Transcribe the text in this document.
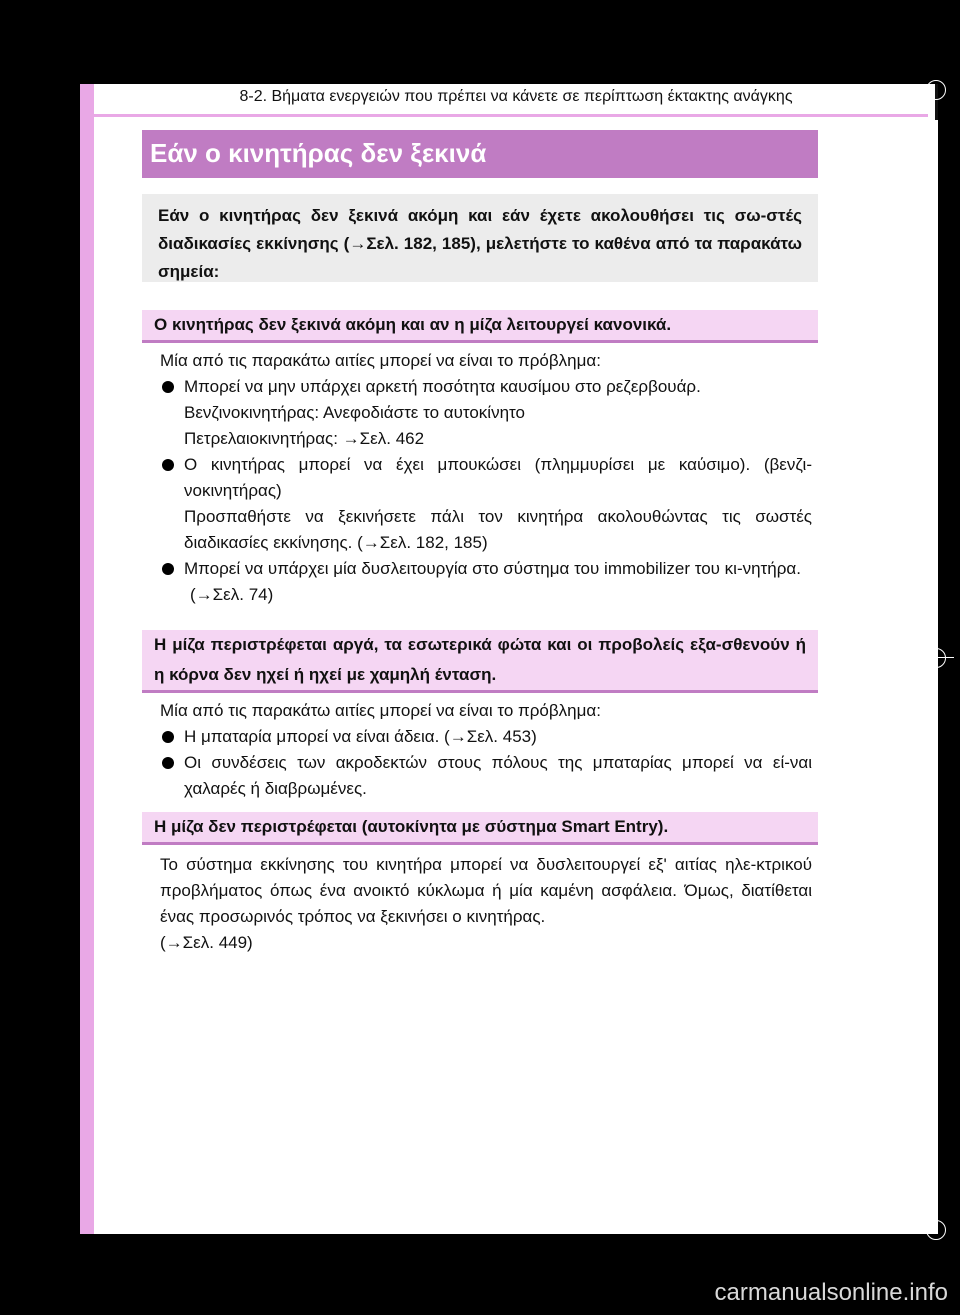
8-2. Βήματα ενεργειών που πρέπει να κάνετε σε περίπτωση έκτακτης ανάγκης
Εάν ο κινητήρας δεν ξεκινά
Εάν ο κινητήρας δεν ξεκινά ακόμη και εάν έχετε ακολουθήσει τις σω-στές διαδικασίες εκκίνησης (→Σελ. 182, 185), μελετήστε το καθένα από τα παρακάτω σημεία:
Ο κινητήρας δεν ξεκινά ακόμη και αν η μίζα λειτουργεί κανονικά.
Μία από τις παρακάτω αιτίες μπορεί να είναι το πρόβλημα:
Μπορεί να μην υπάρχει αρκετή ποσότητα καυσίμου στο ρεζερβουάρ.
Βενζινοκινητήρας: Ανεφοδιάστε το αυτοκίνητο
Πετρελαιοκινητήρας: →Σελ. 462
Ο κινητήρας μπορεί να έχει μπουκώσει (πλημμυρίσει με καύσιμο). (βενζι-νοκινητήρας)
Προσπαθήστε να ξεκινήσετε πάλι τον κινητήρα ακολουθώντας τις σωστές διαδικασίες εκκίνησης. (→Σελ. 182, 185)
Μπορεί να υπάρχει μία δυσλειτουργία στο σύστημα του immobilizer του κι-νητήρα.
(→Σελ. 74)
Η μίζα περιστρέφεται αργά, τα εσωτερικά φώτα και οι προβολείς εξα-σθενούν ή η κόρνα δεν ηχεί ή ηχεί με χαμηλή ένταση.
Μία από τις παρακάτω αιτίες μπορεί να είναι το πρόβλημα:
Η μπαταρία μπορεί να είναι άδεια. (→Σελ. 453)
Οι συνδέσεις των ακροδεκτών στους πόλους της μπαταρίας μπορεί να εί-ναι χαλαρές ή διαβρωμένες.
Η μίζα δεν περιστρέφεται (αυτοκίνητα με σύστημα Smart Entry).
Το σύστημα εκκίνησης του κινητήρα μπορεί να δυσλειτουργεί εξ' αιτίας ηλε-κτρικού προβλήματος όπως ένα ανοικτό κύκλωμα ή μία καμένη ασφάλεια. Όμως, διατίθεται ένας προσωρινός τρόπος να ξεκινήσει ο κινητήρας.
(→Σελ. 449)
carmanualsonline.info
